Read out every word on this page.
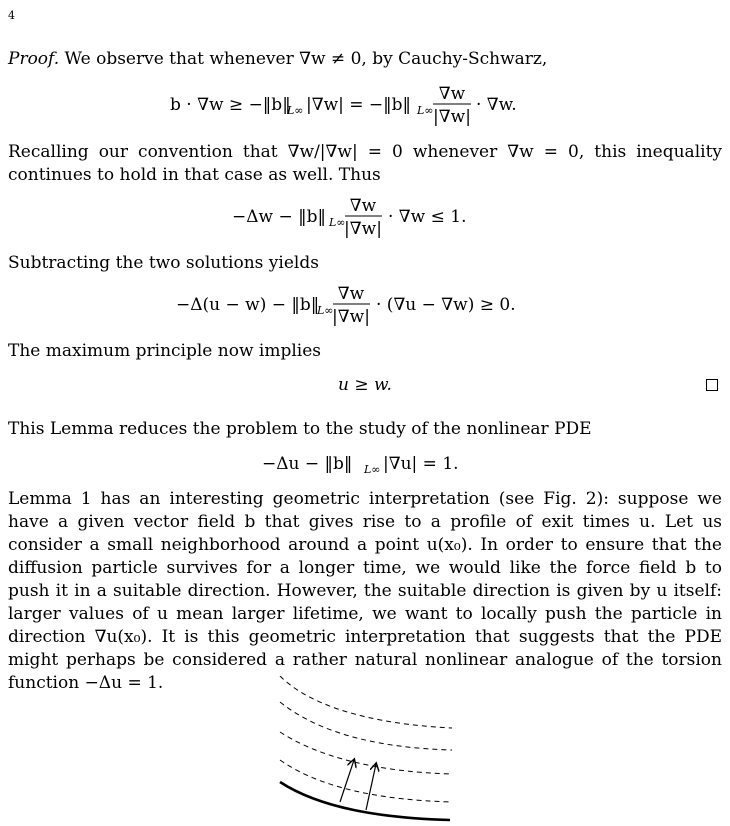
4

Proof. We observe that whenever ∇w ≠ 0, by Cauchy-Schwarz,

b · ∇w ≥ −‖b‖
L∞ |∇w| = −‖b‖ L∞
∇w
|∇w|
· ∇w.

Recalling our convention that ∇w/|∇w| = 0 whenever ∇w = 0, this inequality continues to hold in that case as well. Thus

−Δw − ‖b‖ L∞
∇w
|∇w|
· ∇w ≤ 1.

Subtracting the two solutions yields

−Δ(u − w) − ‖b‖
L∞
∇w
|∇w|
· (∇u − ∇w) ≥ 0.

The maximum principle now implies

u ≥ w.

This Lemma reduces the problem to the study of the nonlinear PDE

−Δu − ‖b‖ L∞ |∇u| = 1.

Lemma 1 has an interesting geometric interpretation (see Fig. 2): suppose we have a given vector field b that gives rise to a profile of exit times u. Let us consider a small neighborhood around a point u(x₀). In order to ensure that the diffusion particle survives for a longer time, we would like the force field b to push it in a suitable direction. However, the suitable direction is given by u itself: larger values of u mean larger lifetime, we want to locally push the particle in direction ∇u(x₀). It is this geometric interpretation that suggests that the PDE might perhaps be considered a rather natural nonlinear analogue of the torsion function −Δu = 1.
